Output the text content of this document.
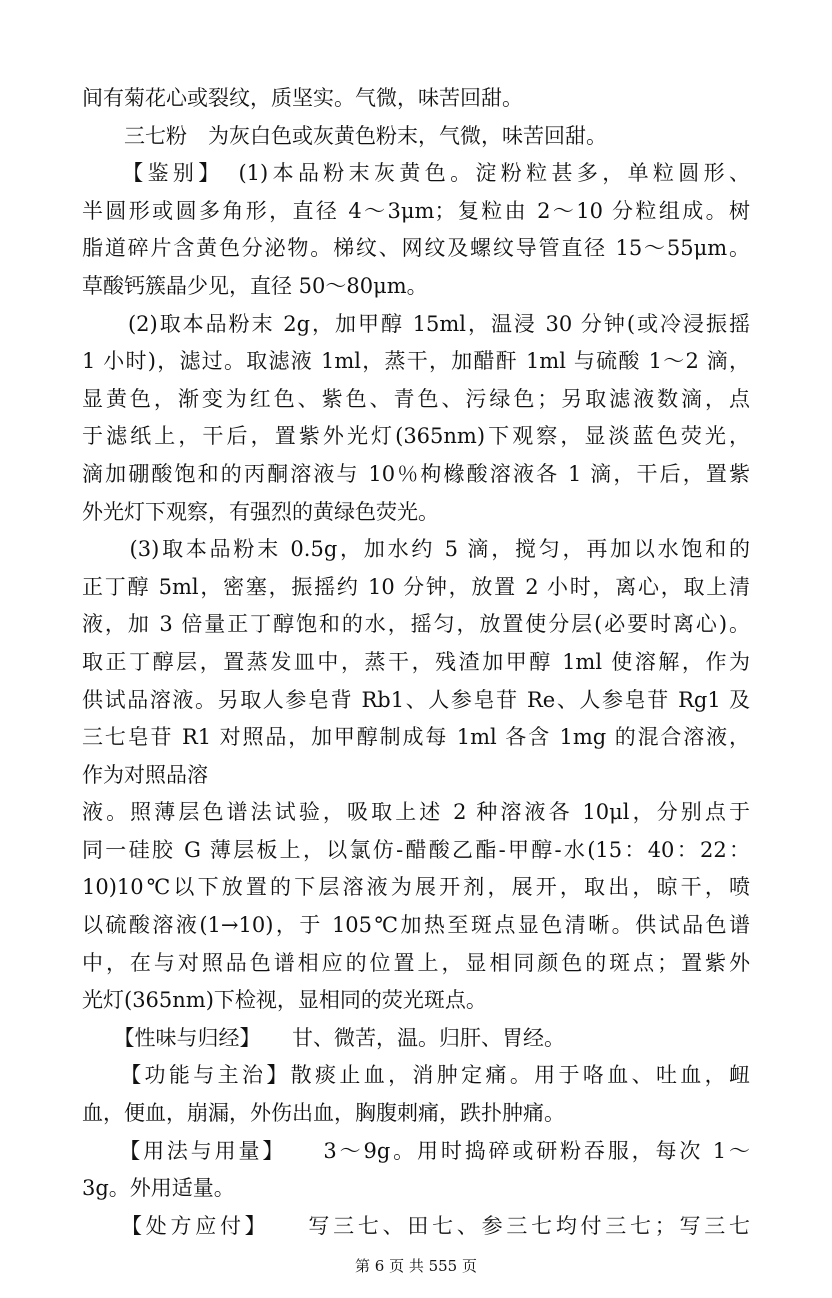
间有菊花心或裂纹，质坚实。气微，味苦回甜。
　　三七粉　为灰白色或灰黄色粉末，气微，味苦回甜。
　　【鉴别】　(1)本品粉末灰黄色。淀粉粒甚多，单粒圆形、
半圆形或圆多角形，直径 4～3μm；复粒由 2～10 分粒组成。树
脂道碎片含黄色分泌物。梯纹、网纹及螺纹导管直径 15～55μm。
草酸钙簇晶少见，直径 50～80μm。
　　(2)取本品粉末 2g，加甲醇 15ml，温浸 30 分钟(或冷浸振摇
1 小时)，滤过。取滤液 1ml，蒸干，加醋酐 1ml 与硫酸 1～2 滴，
显黄色，渐变为红色、紫色、青色、污绿色；另取滤液数滴，点
于滤纸上，干后，置紫外光灯(365nm)下观察，显淡蓝色荧光，
滴加硼酸饱和的丙酮溶液与 10％枸橼酸溶液各 1 滴，干后，置紫
外光灯下观察，有强烈的黄绿色荧光。
　　(3)取本品粉末 0.5g，加水约 5 滴，搅匀，再加以水饱和的
正丁醇 5ml，密塞，振摇约 10 分钟，放置 2 小时，离心，取上清
液，加 3 倍量正丁醇饱和的水，摇匀，放置使分层(必要时离心)。
取正丁醇层，置蒸发皿中，蒸干，残渣加甲醇 1ml 使溶解，作为
供试品溶液。另取人参皂背 Rb1、人参皂苷 Re、人参皂苷 Rg1 及
三七皂苷 R1 对照品，加甲醇制成每 1ml 各含 1mg 的混合溶液，
作为对照品溶
液。照薄层色谱法试验，吸取上述 2 种溶液各 10μl，分别点于
同一硅胶 G 薄层板上，以氯仿-醋酸乙酯-甲醇-水(15：40：22：
10)10℃以下放置的下层溶液为展开剂，展开，取出，晾干，喷
以硫酸溶液(1→10)，于 105℃加热至斑点显色清晰。供试品色谱
中，在与对照品色谱相应的位置上，显相同颜色的斑点；置紫外
光灯(365nm)下检视，显相同的荧光斑点。
　　【性味与归经】　　甘、微苦，温。归肝、胃经。
　　【功能与主治】散痰止血，消肿定痛。用于咯血、吐血，衄
血，便血，崩漏，外伤出血，胸腹刺痛，跌扑肿痛。
　　【用法与用量】　　3～9g。用时捣碎或研粉吞服，每次 1～
3g。外用适量。
　　【处方应付】　　写三七、田七、参三七均付三七；写三七
第 6 页 共 555 页
